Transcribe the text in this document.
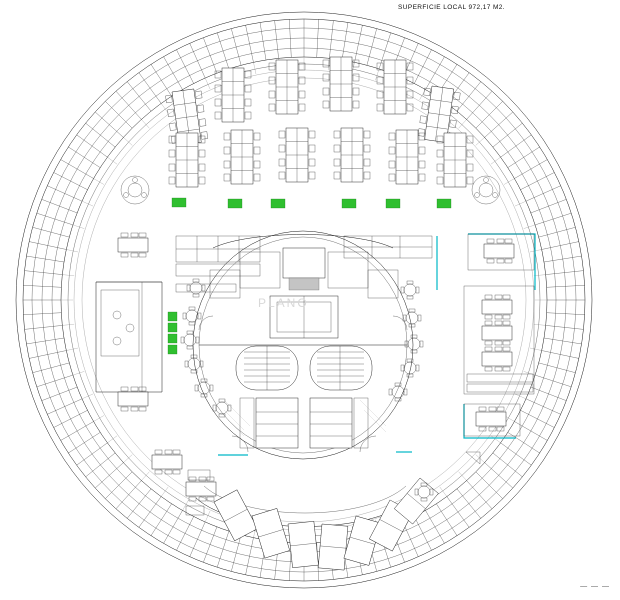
SUPERFICIE LOCAL 972,17 M2.
PLANO
— — —
